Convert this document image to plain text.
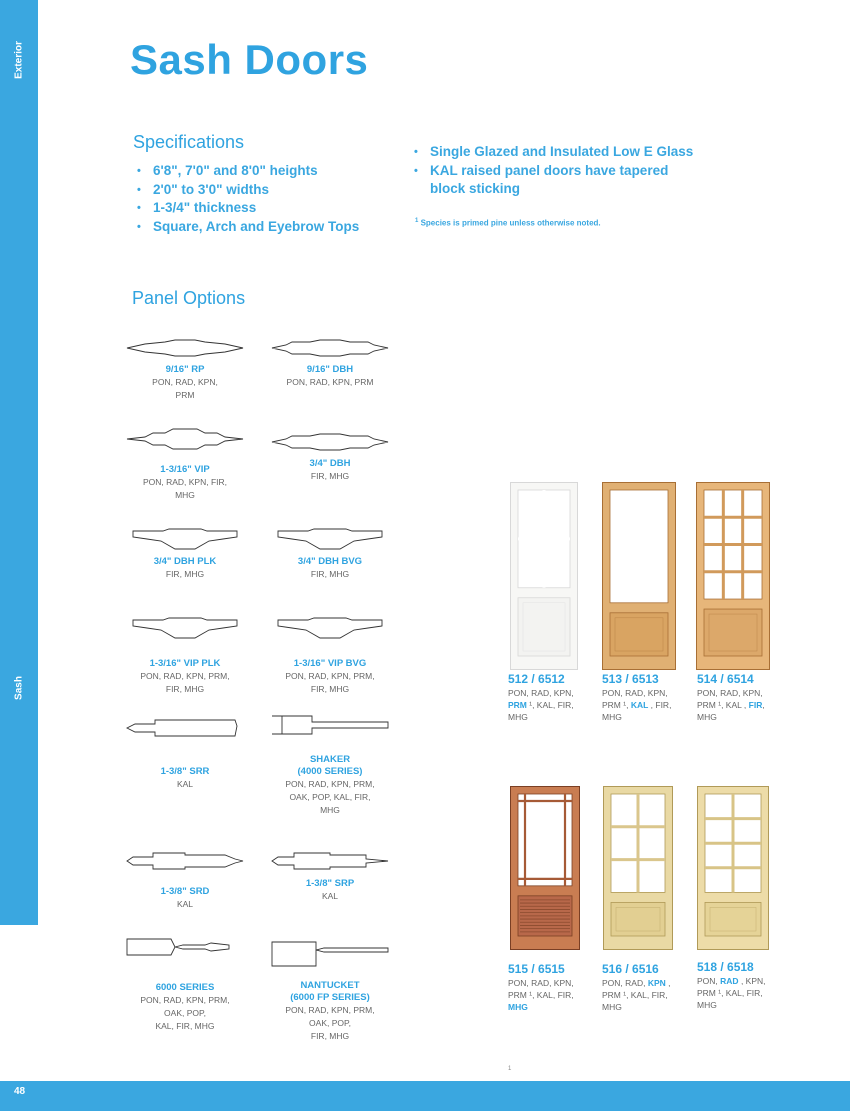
Exterior
Sash
Sash Doors
Specifications
• 6'8", 7'0" and 8'0" heights
• 2'0" to 3'0" widths
• 1-3/4" thickness
• Square, Arch and Eyebrow Tops
• Single Glazed and Insulated Low E Glass
• KAL raised panel doors have tapered
block sticking
$^1$ Species is primed pine unless otherwise noted.
Panel Options
9/16" RP
PON, RAD, KPN,
PRM
9/16" DBH
PON, RAD, KPN, PRM
1-3/16" VIP
PON, RAD, KPN, FIR,
MHG
3/4" DBH
FIR, MHG
3/4" DBH PLK
FIR, MHG
3/4" DBH BVG
FIR, MHG
1-3/16" VIP PLK
PON, RAD, KPN, PRM,
FIR, MHG
1-3/16" VIP BVG
PON, RAD, KPN, PRM,
FIR, MHG
1-3/8" SRR
KAL
SHAKER
(4000 SERIES)
PON, RAD, KPN, PRM,
OAK, POP, KAL, FIR,
MHG
1-3/8" SRD
KAL
1-3/8" SRP
KAL
6000 SERIES
PON, RAD, KPN, PRM,
OAK, POP,
KAL, FIR, MHG
NANTUCKET
(6000 FP SERIES)
PON, RAD, KPN, PRM,
OAK, POP,
FIR, MHG
512 / 6512
PON, RAD, KPN,
PRM ¹, KAL, FIR,
MHG
513 / 6513
PON, RAD, KPN,
PRM ¹, KAL , FIR,
MHG
514 / 6514
PON, RAD, KPN,
PRM ¹, KAL , FIR,
MHG
515 / 6515
PON, RAD, KPN,
PRM ¹, KAL, FIR,
MHG
516 / 6516
PON, RAD, KPN ,
PRM ¹, KAL, FIR,
MHG
518 / 6518
PON, RAD , KPN,
PRM ¹, KAL, FIR,
MHG
1
48
